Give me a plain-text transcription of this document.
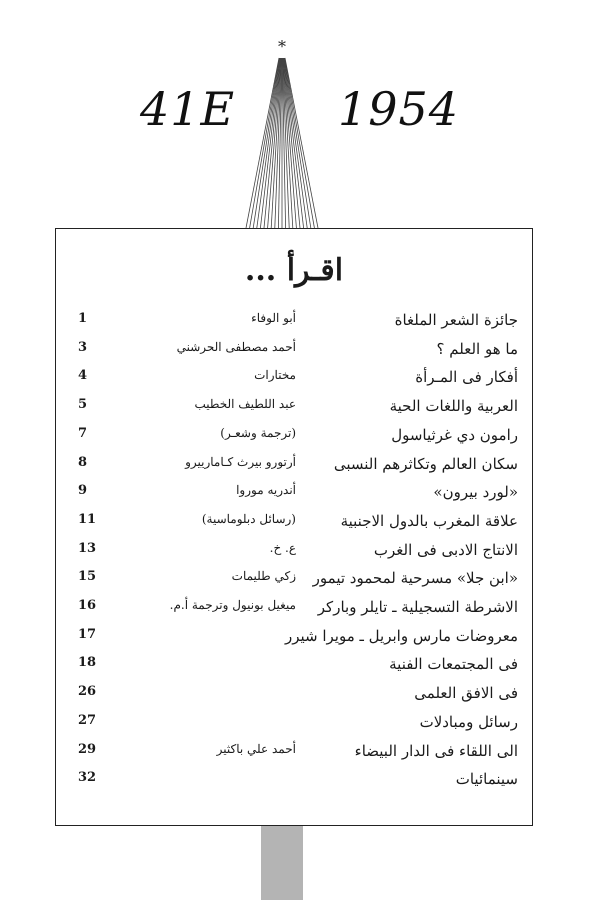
*
41E 1954
اقـرأ ...
جائزة الشعر الملغاة
أبو الوفاء
1
ما هو العلم ؟
أحمد مصطفى الحرشني
3
أفكار فى المـرأة
مختارات
4
العربية واللغات الحية
عبد اللطيف الخطيب
5
رامون دي غرثياسول
(ترجمة وشعـر)
7
سكان العالم وتكاثرهم النسبى
أرتورو بيرث كـامارييرو
8
«لورد بيرون»
أندريه موروا
9
علاقة المغرب بالدول الاجنبية
(رسائل دبلوماسية)
11
الانتاج الادبى فى الغرب
ع. خ.
13
«ابن جلا» مسرحية لمحمود تيمور
زكي طليمات
15
الاشرطة التسجيلية ـ تايلر وباركر
ميغيل بونيول وترجمة أ.م.
16
معروضات مارس وابريل ـ مويرا شيرر
17
فى المجتمعات الفنية
18
فى الافق العلمى
26
رسائل ومبادلات
27
الى اللقاء فى الدار البيضاء
أحمد علي باكثير
29
سينمائيات
32
